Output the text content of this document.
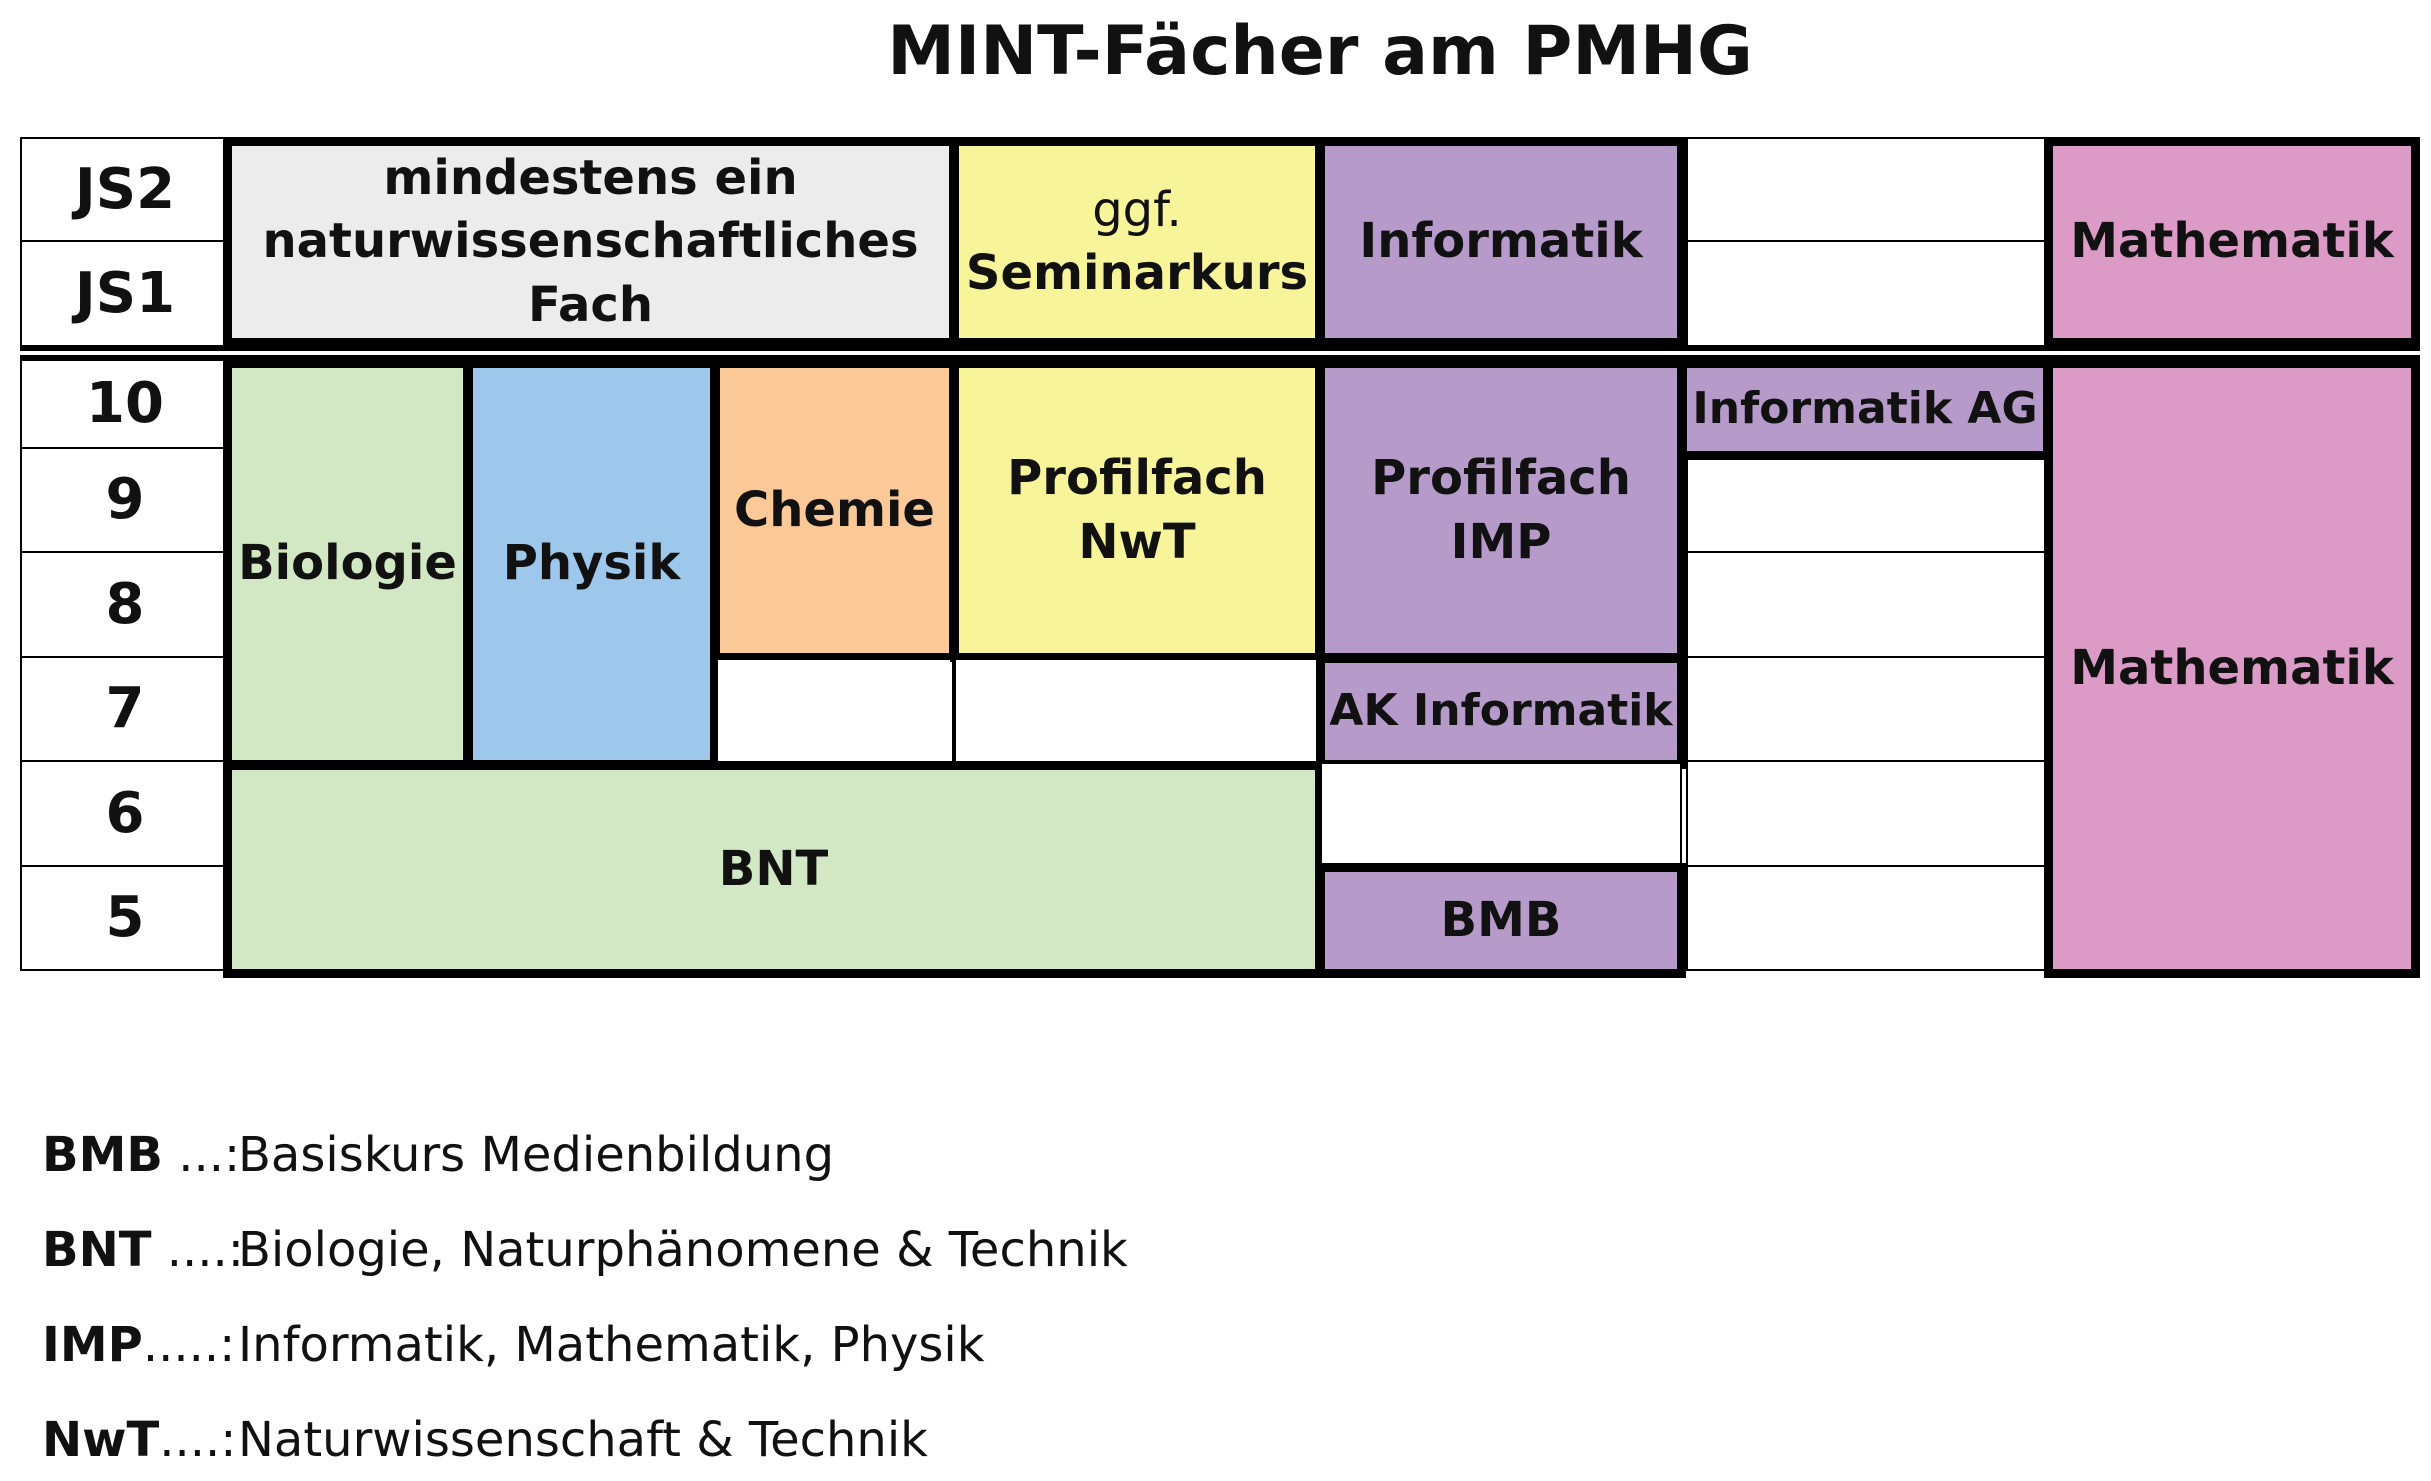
MINT-Fächer am PMHG
JS2
JS1
10
9
8
7
6
5
mindestens ein
naturwissenschaftliches Fach
ggf.
Seminarkurs
Informatik	Mathematik
Biologie Physik
Chemie
Profilfach
NwT
Profilfach
IMP
AK Informatik
Informatik AG
BNT
BMB
Mathematik
BMB ...:Basiskurs Medienbildung
BNT ....:Biologie, Naturphänomene & Technik
IMP.....:Informatik, Mathematik, Physik
NwT....:Naturwissenschaft & Technik
